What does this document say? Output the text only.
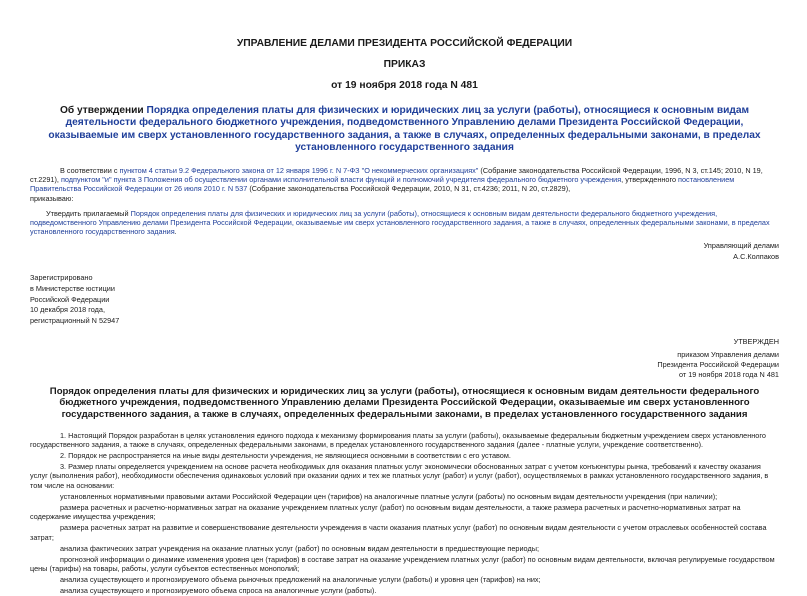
УПРАВЛЕНИЕ ДЕЛАМИ ПРЕЗИДЕНТА РОССИЙСКОЙ ФЕДЕРАЦИИ

ПРИКАЗ

от 19 ноября 2018 года N 481

Об утверждении Порядка определения платы для физических и юридических лиц за услуги (работы), относящиеся к основным видам деятельности федерального бюджетного учреждения, подведомственного Управлению делами Президента Российской Федерации, оказываемые им сверх установленного государственного задания, а также в случаях, определенных федеральными законами, в пределах установленного государственного задания

В соответствии с пунктом 4 статьи 9.2 Федерального закона от 12 января 1996 г. N 7-ФЗ "О некоммерческих организациях" (Собрание законодательства Российской Федерации, 1996, N 3, ст.145; 2010, N 19, ст.2291), подпунктом "и" пункта 3 Положения об осуществлении органами исполнительной власти функций и полномочий учредителя федерального бюджетного учреждения, утвержденного постановлением Правительства Российской Федерации от 26 июля 2010 г. N 537 (Собрание законодательства Российской Федерации, 2010, N 31, ст.4236; 2011, N 20, ст.2829),

приказываю:

Утвердить прилагаемый Порядок определения платы для физических и юридических лиц за услуги (работы), относящиеся к основным видам деятельности федерального бюджетного учреждения, подведомственного Управлению делами Президента Российской Федерации, оказываемые им сверх установленного государственного задания, а также в случаях, определенных федеральными законами, в пределах установленного государственного задания.

Управляющий делами

А.С.Колпаков

Зарегистрировано
в Министерстве юстиции
Российской Федерации
10 декабря 2018 года,
регистрационный N 52947
УТВЕРЖДЕН
приказом Управления делами
Президента Российской Федерации
от 19 ноября 2018 года N 481

Порядок определения платы для физических и юридических лиц за услуги (работы), относящиеся к основным видам деятельности федерального бюджетного учреждения, подведомственного Управлению делами Президента Российской Федерации, оказываемые им сверх установленного государственного задания, а также в случаях, определенных федеральными законами, в пределах установленного государственного задания

1. Настоящий Порядок разработан в целях установления единого подхода к механизму формирования платы за услуги (работы), оказываемые федеральным бюджетным учреждением сверх установленного государственного задания, а также в случаях, определенных федеральными законами, в пределах установленного государственного задания (далее - платные услуги, учреждение соответственно).

2. Порядок не распространяется на иные виды деятельности учреждения, не являющиеся основными в соответствии с его уставом.

3. Размер платы определяется учреждением на основе расчета необходимых для оказания платных услуг экономически обоснованных затрат с учетом конъюнктуры рынка, требований к качеству оказания услуг (выполнения работ), необходимости обеспечения одинаковых условий при оказании одних и тех же платных услуг (работ) и услуг (работ), осуществляемых в рамках установленного государственного задания, в том числе на основании:

установленных нормативными правовыми актами Российской Федерации цен (тарифов) на аналогичные платные услуги (работы) по основным видам деятельности учреждения (при наличии);

размера расчетных и расчетно-нормативных затрат на оказание учреждением платных услуг (работ) по основным видам деятельности, а также размера расчетных и расчетно-нормативных затрат на содержание имущества учреждения;

размера расчетных затрат на развитие и совершенствование деятельности учреждения в части оказания платных услуг (работ) по основным видам деятельности с учетом отраслевых особенностей состава затрат;

анализа фактических затрат учреждения на оказание платных услуг (работ) по основным видам деятельности в предшествующие периоды;

прогнозной информации о динамике изменения уровня цен (тарифов) в составе затрат на оказание учреждением платных услуг (работ) по основным видам деятельности, включая регулируемые государством цены (тарифы) на товары, работы, услуги субъектов естественных монополий;

анализа существующего и прогнозируемого объема рыночных предложений на аналогичные услуги (работы) и уровня цен (тарифов) на них;

анализа существующего и прогнозируемого объема спроса на аналогичные услуги (работы).
